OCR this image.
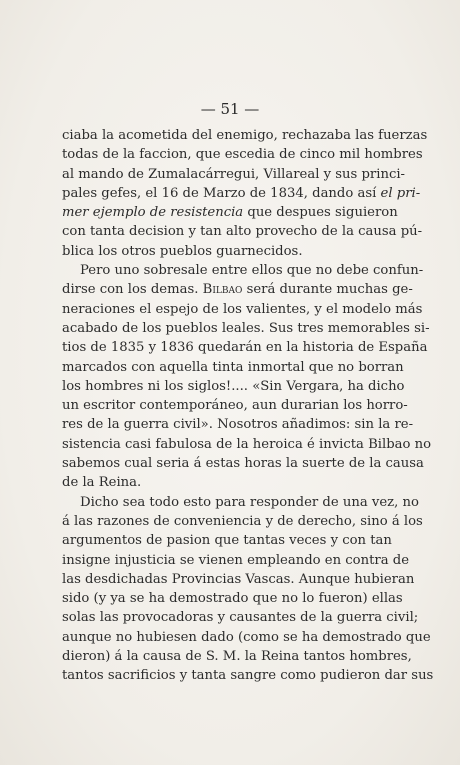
— 51 —
ciaba la acometida del enemigo, rechazaba las fuerzas
todas de la faccion, que escedia de cinco mil hombres
al mando de Zumalacárregui, Villareal y sus princi-
pales gefes, el 16 de Marzo de 1834, dando así el pri-
mer ejemplo de resistencia que despues siguieron
con tanta decision y tan alto provecho de la causa pú-
blica los otros pueblos guarnecidos.
Pero uno sobresale entre ellos que no debe confun-
dirse con los demas. Bilbao será durante muchas ge-
neraciones el espejo de los valientes, y el modelo más
acabado de los pueblos leales. Sus tres memorables si-
tios de 1835 y 1836 quedarán en la historia de España
marcados con aquella tinta inmortal que no borran
los hombres ni los siglos!.... «Sin Vergara, ha dicho
un escritor contemporáneo, aun durarian los horro-
res de la guerra civil». Nosotros añadimos: sin la re-
sistencia casi fabulosa de la heroica é invicta Bilbao no
sabemos cual seria á estas horas la suerte de la causa
de la Reina.
Dicho sea todo esto para responder de una vez, no
á las razones de conveniencia y de derecho, sino á los
argumentos de pasion que tantas veces y con tan
insigne injusticia se vienen empleando en contra de
las desdichadas Provincias Vascas. Aunque hubieran
sido (y ya se ha demostrado que no lo fueron) ellas
solas las provocadoras y causantes de la guerra civil;
aunque no hubiesen dado (como se ha demostrado que
dieron) á la causa de S. M. la Reina tantos hombres,
tantos sacrificios y tanta sangre como pudieron dar sus
